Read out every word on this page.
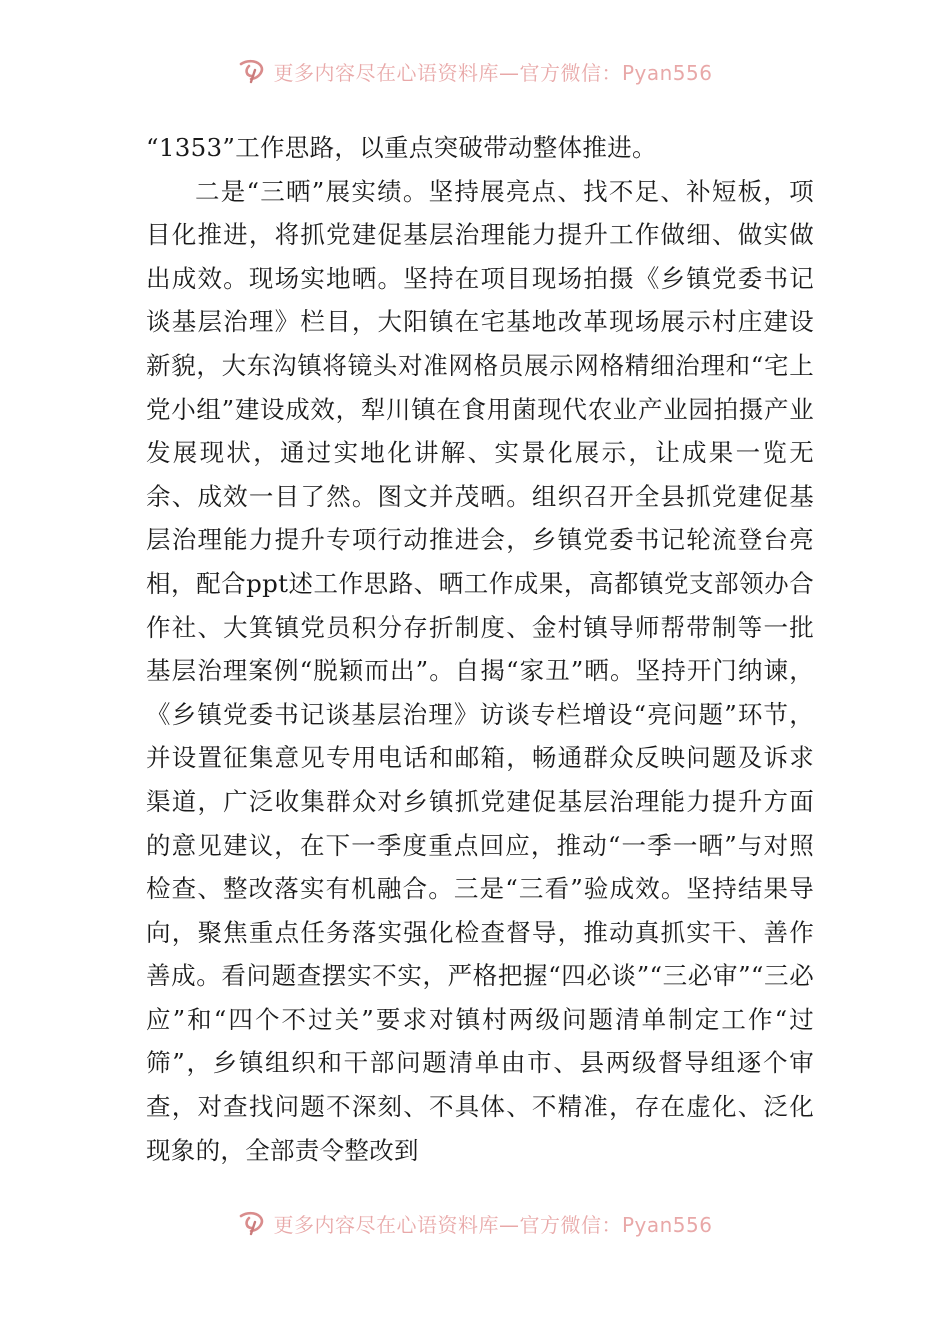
更多内容尽在心语资料库—官方微信：Pyan556

“1353”工作思路，以重点突破带动整体推进。

二是“三晒”展实绩。坚持展亮点、找不足、补短板，项目化推进，将抓党建促基层治理能力提升工作做细、做实做出成效。现场实地晒。坚持在项目现场拍摄《乡镇党委书记谈基层治理》栏目，大阳镇在宅基地改革现场展示村庄建设新貌，大东沟镇将镜头对准网格员展示网格精细治理和“宅上党小组”建设成效，犁川镇在食用菌现代农业产业园拍摄产业发展现状，通过实地化讲解、实景化展示，让成果一览无余、成效一目了然。图文并茂晒。组织召开全县抓党建促基层治理能力提升专项行动推进会，乡镇党委书记轮流登台亮相，配合ppt述工作思路、晒工作成果，高都镇党支部领办合作社、大箕镇党员积分存折制度、金村镇导师帮带制等一批基层治理案例“脱颖而出”。自揭“家丑”晒。坚持开门纳谏，《乡镇党委书记谈基层治理》访谈专栏增设“亮问题”环节，并设置征集意见专用电话和邮箱，畅通群众反映问题及诉求渠道，广泛收集群众对乡镇抓党建促基层治理能力提升方面的意见建议，在下一季度重点回应，推动“一季一晒”与对照检查、整改落实有机融合。三是“三看”验成效。坚持结果导向，聚焦重点任务落实强化检查督导，推动真抓实干、善作善成。看问题查摆实不实，严格把握“四必谈”“三必审”“三必应”和“四个不过关”要求对镇村两级问题清单制定工作“过筛”，乡镇组织和干部问题清单由市、县两级督导组逐个审查，对查找问题不深刻、不具体、不精准，存在虚化、泛化现象的，全部责令整改到

更多内容尽在心语资料库—官方微信：Pyan556
